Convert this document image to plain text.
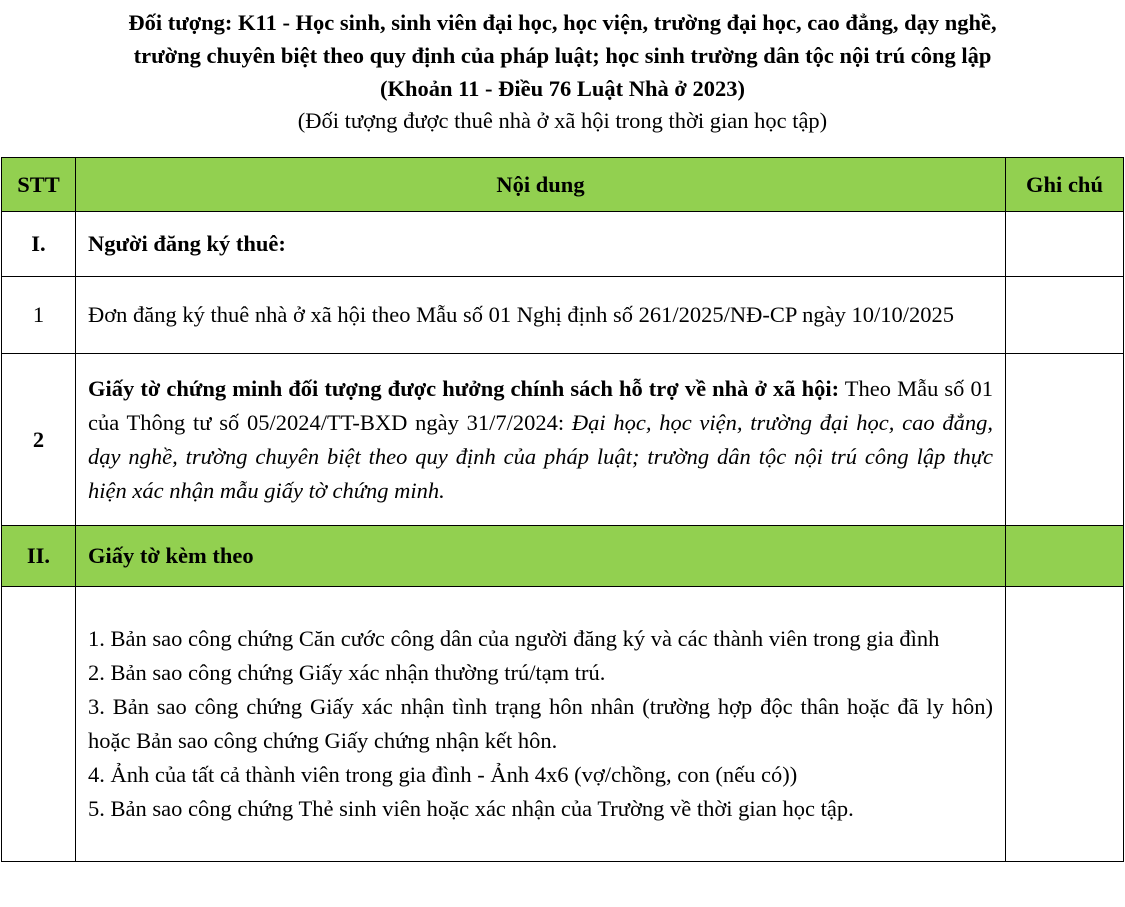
Đối tượng: K11 - Học sinh, sinh viên đại học, học viện, trường đại học, cao đẳng, dạy nghề,
trường chuyên biệt theo quy định của pháp luật; học sinh trường dân tộc nội trú công lập
(Khoản 11 - Điều 76 Luật Nhà ở 2023)
(Đối tượng được thuê nhà ở xã hội trong thời gian học tập)
STT	Nội dung	Ghi chú
I.	Người đăng ký thuê:	

1	Đơn đăng ký thuê nhà ở xã hội theo Mẫu số 01 Nghị định số 261/2025/NĐ-CP ngày 10/10/2025	

2	Giấy tờ chứng minh đối tượng được hưởng chính sách hỗ trợ về nhà ở xã hội: Theo Mẫu số 01 của Thông tư số 05/2024/TT-BXD ngày 31/7/2024: Đại học, học viện, trường đại học, cao đẳng, dạy nghề, trường chuyên biệt theo quy định của pháp luật; trường dân tộc nội trú công lập thực hiện xác nhận mẫu giấy tờ chứng minh.	

II.	Giấy tờ kèm theo	

	1. Bản sao công chứng Căn cước công dân của người đăng ký và các thành viên trong gia đình
2. Bản sao công chứng Giấy xác nhận thường trú/tạm trú.
3. Bản sao công chứng Giấy xác nhận tình trạng hôn nhân (trường hợp độc thân hoặc đã ly hôn) hoặc Bản sao công chứng Giấy chứng nhận kết hôn.
4. Ảnh của tất cả thành viên trong gia đình - Ảnh 4x6 (vợ/chồng, con (nếu có))
5. Bản sao công chứng Thẻ sinh viên hoặc xác nhận của Trường về thời gian học tập.	
